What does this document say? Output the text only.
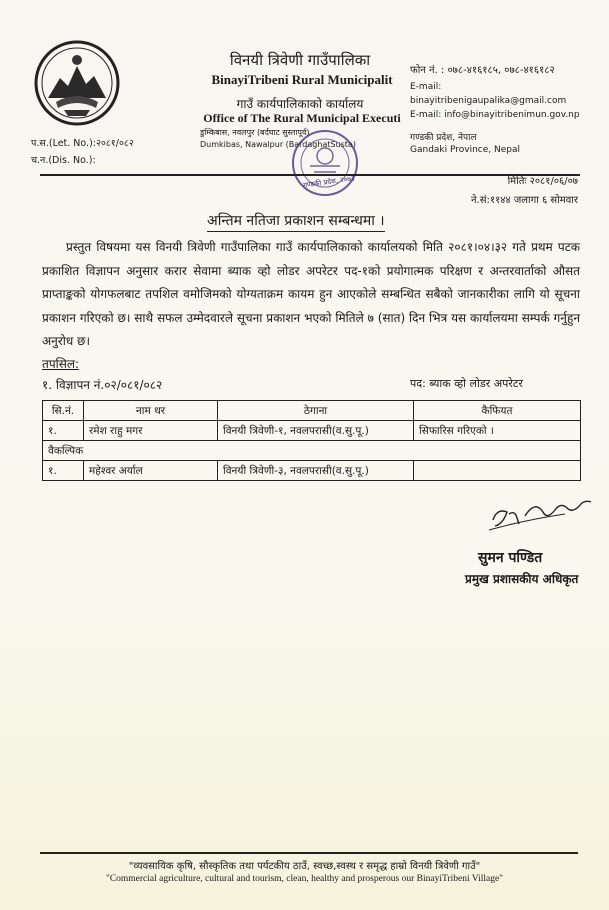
विनयी त्रिवेणी गाउँपालिका
BinayiTribeni Rural Municipalit
गाउँ कार्यपालिकाको कार्यालय
Office of The Rural Municipal Executi
डुम्किबास, नवलपुर (बर्दघाट सुस्तापूर्व)
Dumkibas, Nawalpur (BardaghatSusta)
फोन नं. : ०७८-४१६१८५, ०७८-४१६१८२
E-mail:
binayitribenigaupalika@gmail.com
E-mail: info@binayitribenimun.gov.np
गण्डकी प्रदेश, नेपाल
Gandaki Province, Nepal
प.स.(Let. No.):२०८१/०८२
च.न.(Dis. No.):
गण्डकी प्रदेश, २०७३	मितिः २०८१/०६/०७
ने.सं:११४४ जलागा ६ सोमवार
अन्तिम नतिजा प्रकाशन सम्बन्धमा ।
प्रस्तुत विषयमा यस विनयी त्रिवेणी गाउँपालिका गाउँ कार्यपालिकाको कार्यालयको मिति २०८१।०४।३२ गते प्रथम पटक प्रकाशित विज्ञापन अनुसार करार सेवामा ब्याक व्हो लोडर अपरेटर पद-१को प्रयोगात्मक परिक्षण र अन्तरवार्ताको औसत प्राप्ताङ्कको योगफलबाट तपशिल वमोजिमको योग्यताक्रम कायम हुन आएकोले सम्बन्धित सबैको जानकारीका लागि यो सूचना प्रकाशन गरिएको छ। साथै सफल उम्मेदवारले सूचना प्रकाशन भएको मितिले ७ (सात) दिन भित्र यस कार्यालयमा सम्पर्क गर्नुहुन अनुरोध छ।
तपसिल:
१. विज्ञापन नं.०२/०८१/०८२	पद: ब्याक व्हो लोडर अपरेटर
सि.नं.	नाम थर	ठेगाना	कैफियत
१.	रमेश राहु मगर	विनयी त्रिवेणी-१, नवलपरासी(व.सु.पू.)	सिफारिस गरिएको ।
वैकल्पिक			
१.	महेश्वर अर्याल	विनयी त्रिवेणी-३, नवलपरासी(व.सु.पू.)	
सुमन पण्डित
प्रमुख प्रशासकीय अधिकृत
"व्यवसायिक कृषि, सौस्कृतिक तथा पर्यटकीय ठाउँ, स्वच्छ,स्वस्थ र समृद्ध हाम्रो विनयी त्रिवेणी गाउँ"
"Commercial agriculture, cultural and tourism, clean, healthy and prosperous our BinayiTribeni Village"
